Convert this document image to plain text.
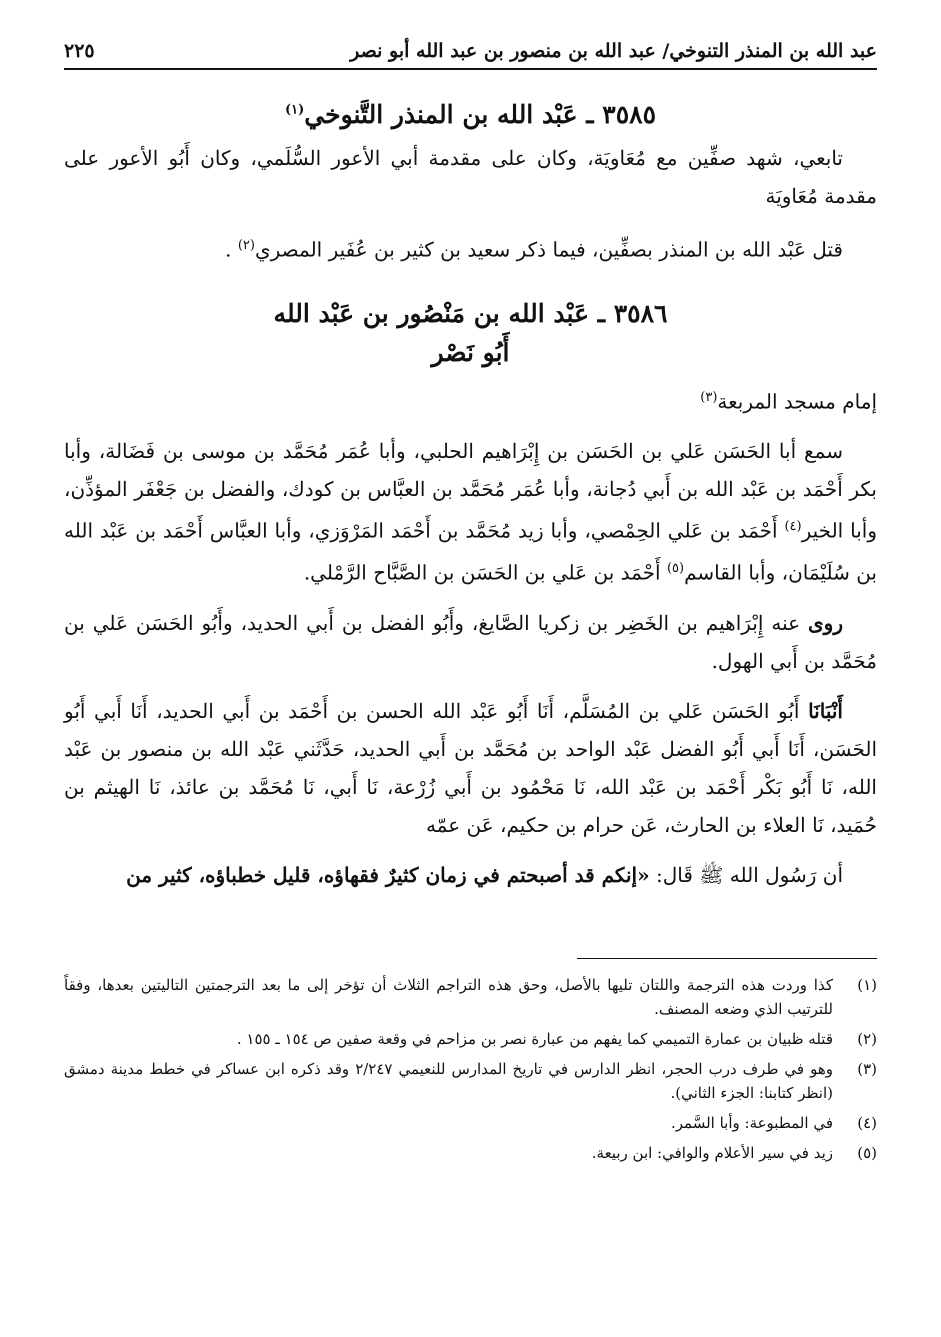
عبد الله بن المنذر التنوخي/ عبد الله بن منصور بن عبد الله أبو نصر
٢٢٥
٣٥٨٥ ـ عَبْد الله بن المنذر التَّنوخي$^{(١)}$

تابعي، شهد صفِّين مع مُعَاويَة، وكان على مقدمة أبي الأعور السُّلَمي، وكان أَبُو الأعور على مقدمة مُعَاويَة

قتل عَبْد الله بن المنذر بصفِّين، فيما ذكر سعيد بن كثير بن عُفَير المصري$^{(٢)}$ .

٣٥٨٦ ـ عَبْد الله بن مَنْصُور بن عَبْد الله
أَبُو نَصْر

إمام مسجد المربعة$^{(٣)}$

سمع أبا الحَسَن عَلي بن الحَسَن بن إِبْرَاهيم الحلبي، وأبا عُمَر مُحَمَّد بن موسى بن فَضَالة، وأبا بكر أَحْمَد بن عَبْد الله بن أَبي دُجانة، وأبا عُمَر مُحَمَّد بن العبَّاس بن كودك، والفضل بن جَعْفَر المؤذِّن، وأبا الخير$^{(٤)}$ أَحْمَد بن عَلي الحِمْصي، وأبا زيد مُحَمَّد بن أَحْمَد المَرْوَزي، وأبا العبَّاس أَحْمَد بن عَبْد الله بن سُلَيْمَان، وأبا القاسم$^{(٥)}$ أَحْمَد بن عَلي بن الحَسَن بن الصَّبَّاح الرَّمْلي.

روى عنه إِبْرَاهيم بن الخَضِر بن زكريا الصَّايغ، وأَبُو الفضل بن أَبي الحديد، وأَبُو الحَسَن عَلي بن مُحَمَّد بن أَبي الهول.

أَنْبَانَا أَبُو الحَسَن عَلي بن المُسَلَّم، أَنَا أَبُو عَبْد الله الحسن بن أَحْمَد بن أَبي الحديد، أَنَا أَبي أَبُو الحَسَن، أَنَا أَبي أَبُو الفضل عَبْد الواحد بن مُحَمَّد بن أَبي الحديد، حَدَّثَني عَبْد الله بن منصور بن عَبْد الله، نَا أَبُو بَكْر أَحْمَد بن عَبْد الله، نَا مَحْمُود بن أَبي زُرْعة، نَا أَبي، نَا مُحَمَّد بن عائذ، نَا الهيثم بن حُمَيد، نَا العلاء بن الحارث، عَن حرام بن حكيم، عَن عمّه

أن رَسُول الله ﷺ قَال: «إنكم قد أصبحتم في زمان كثيرٌ فقهاؤه، قليل خطباؤه، كثير من

(١)
كذا وردت هذه الترجمة واللتان تليها بالأصل، وحق هذه التراجم الثلاث أن تؤخر إلى ما بعد الترجمتين التاليتين بعدها، وفقاً للترتيب الذي وضعه المصنف.
(٢)
قتله ظبيان بن عمارة التميمي كما يفهم من عبارة نصر بن مزاحم في وقعة صفين ص ١٥٤ ـ ١٥٥ .
(٣)
وهو في طرف درب الحجر، انظر الدارس في تاريخ المدارس للنعيمي ٢/٢٤٧ وقد ذكره ابن عساكر في خطط مدينة دمشق (انظر كتابنا: الجزء الثاني).
(٤)
في المطبوعة: وأبا السَّمر.
(٥)
زيد في سير الأعلام والوافي: ابن ربيعة.
